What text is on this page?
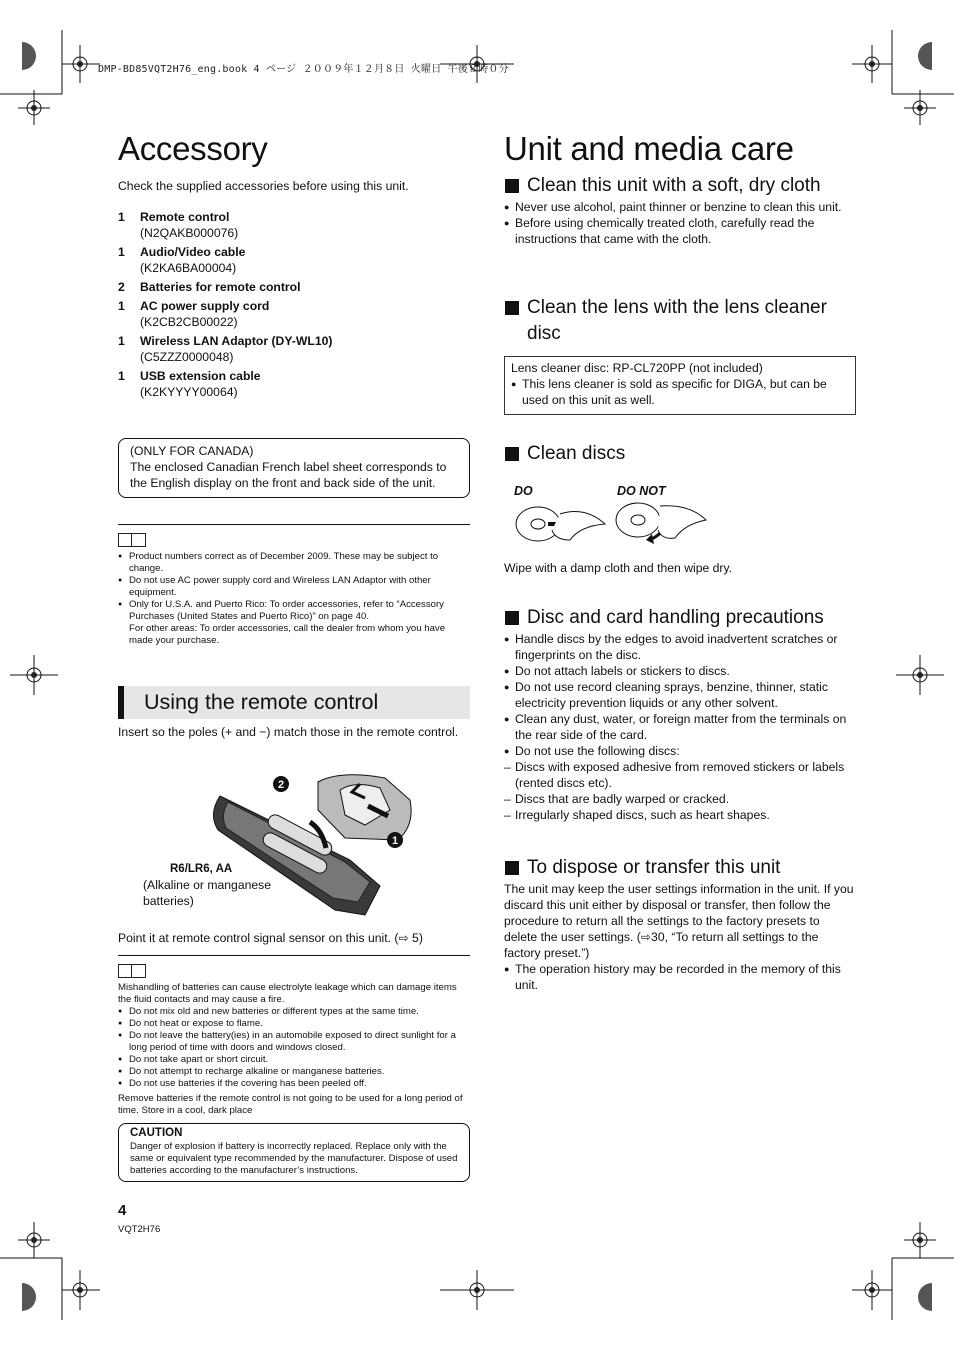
DMP-BD85VQT2H76_eng.book 4 ページ ２００９年１２月８日 火曜日 午後８時０分
Accessory
Check the supplied accessories before using this unit.
1	Remote control
(N2QAKB000076)
1	Audio/Video cable
(K2KA6BA00004)
2	Batteries for remote control
1	AC power supply cord
(K2CB2CB00022)
1	Wireless LAN Adaptor (DY-WL10)
(C5ZZZ0000048)
1	USB extension cable
(K2KYYYY00064)
(ONLY FOR CANADA)
The enclosed Canadian French label sheet corresponds to the English display on the front and back side of the unit.
● Product numbers correct as of December 2009. These may be subject to change.
● Do not use AC power supply cord and Wireless LAN Adaptor with other equipment.
● Only for U.S.A. and Puerto Rico: To order accessories, refer to “Accessory Purchases (United States and Puerto Rico)” on page 40.
For other areas: To order accessories, call the dealer from whom you have made your purchase.
Using the remote control
Insert so the poles (+ and −) match those in the remote control.
2
1
R6/LR6, AA
(Alkaline or manganese batteries)
Point it at remote control signal sensor on this unit. (⇨ 5)
Mishandling of batteries can cause electrolyte leakage which can damage items the fluid contacts and may cause a fire.
● Do not mix old and new batteries or different types at the same time.
● Do not heat or expose to flame.
● Do not leave the battery(ies) in an automobile exposed to direct sunlight for a long period of time with doors and windows closed.
● Do not take apart or short circuit.
● Do not attempt to recharge alkaline or manganese batteries.
● Do not use batteries if the covering has been peeled off.
Remove batteries if the remote control is not going to be used for a long period of time. Store in a cool, dark place
CAUTION
Danger of explosion if battery is incorrectly replaced. Replace only with the same or equivalent type recommended by the manufacturer. Dispose of used batteries according to the manufacturer’s instructions.
4
VQT2H76
Unit and media care
Clean this unit with a soft, dry cloth
● Never use alcohol, paint thinner or benzine to clean this unit.
● Before using chemically treated cloth, carefully read the instructions that came with the cloth.
Clean the lens with the lens cleaner disc
Lens cleaner disc: RP-CL720PP (not included)
● This lens cleaner is sold as specific for DIGA, but can be used on this unit as well.
Clean discs
DO	DO NOT
Wipe with a damp cloth and then wipe dry.
Disc and card handling precautions
● Handle discs by the edges to avoid inadvertent scratches or fingerprints on the disc.
● Do not attach labels or stickers to discs.
● Do not use record cleaning sprays, benzine, thinner, static electricity prevention liquids or any other solvent.
● Clean any dust, water, or foreign matter from the terminals on the rear side of the card.
● Do not use the following discs:
– Discs with exposed adhesive from removed stickers or labels (rented discs etc).
– Discs that are badly warped or cracked.
– Irregularly shaped discs, such as heart shapes.
To dispose or transfer this unit
The unit may keep the user settings information in the unit. If you discard this unit either by disposal or transfer, then follow the procedure to return all the settings to the factory presets to delete the user settings. (⇨30, “To return all settings to the factory preset.”)
● The operation history may be recorded in the memory of this unit.
